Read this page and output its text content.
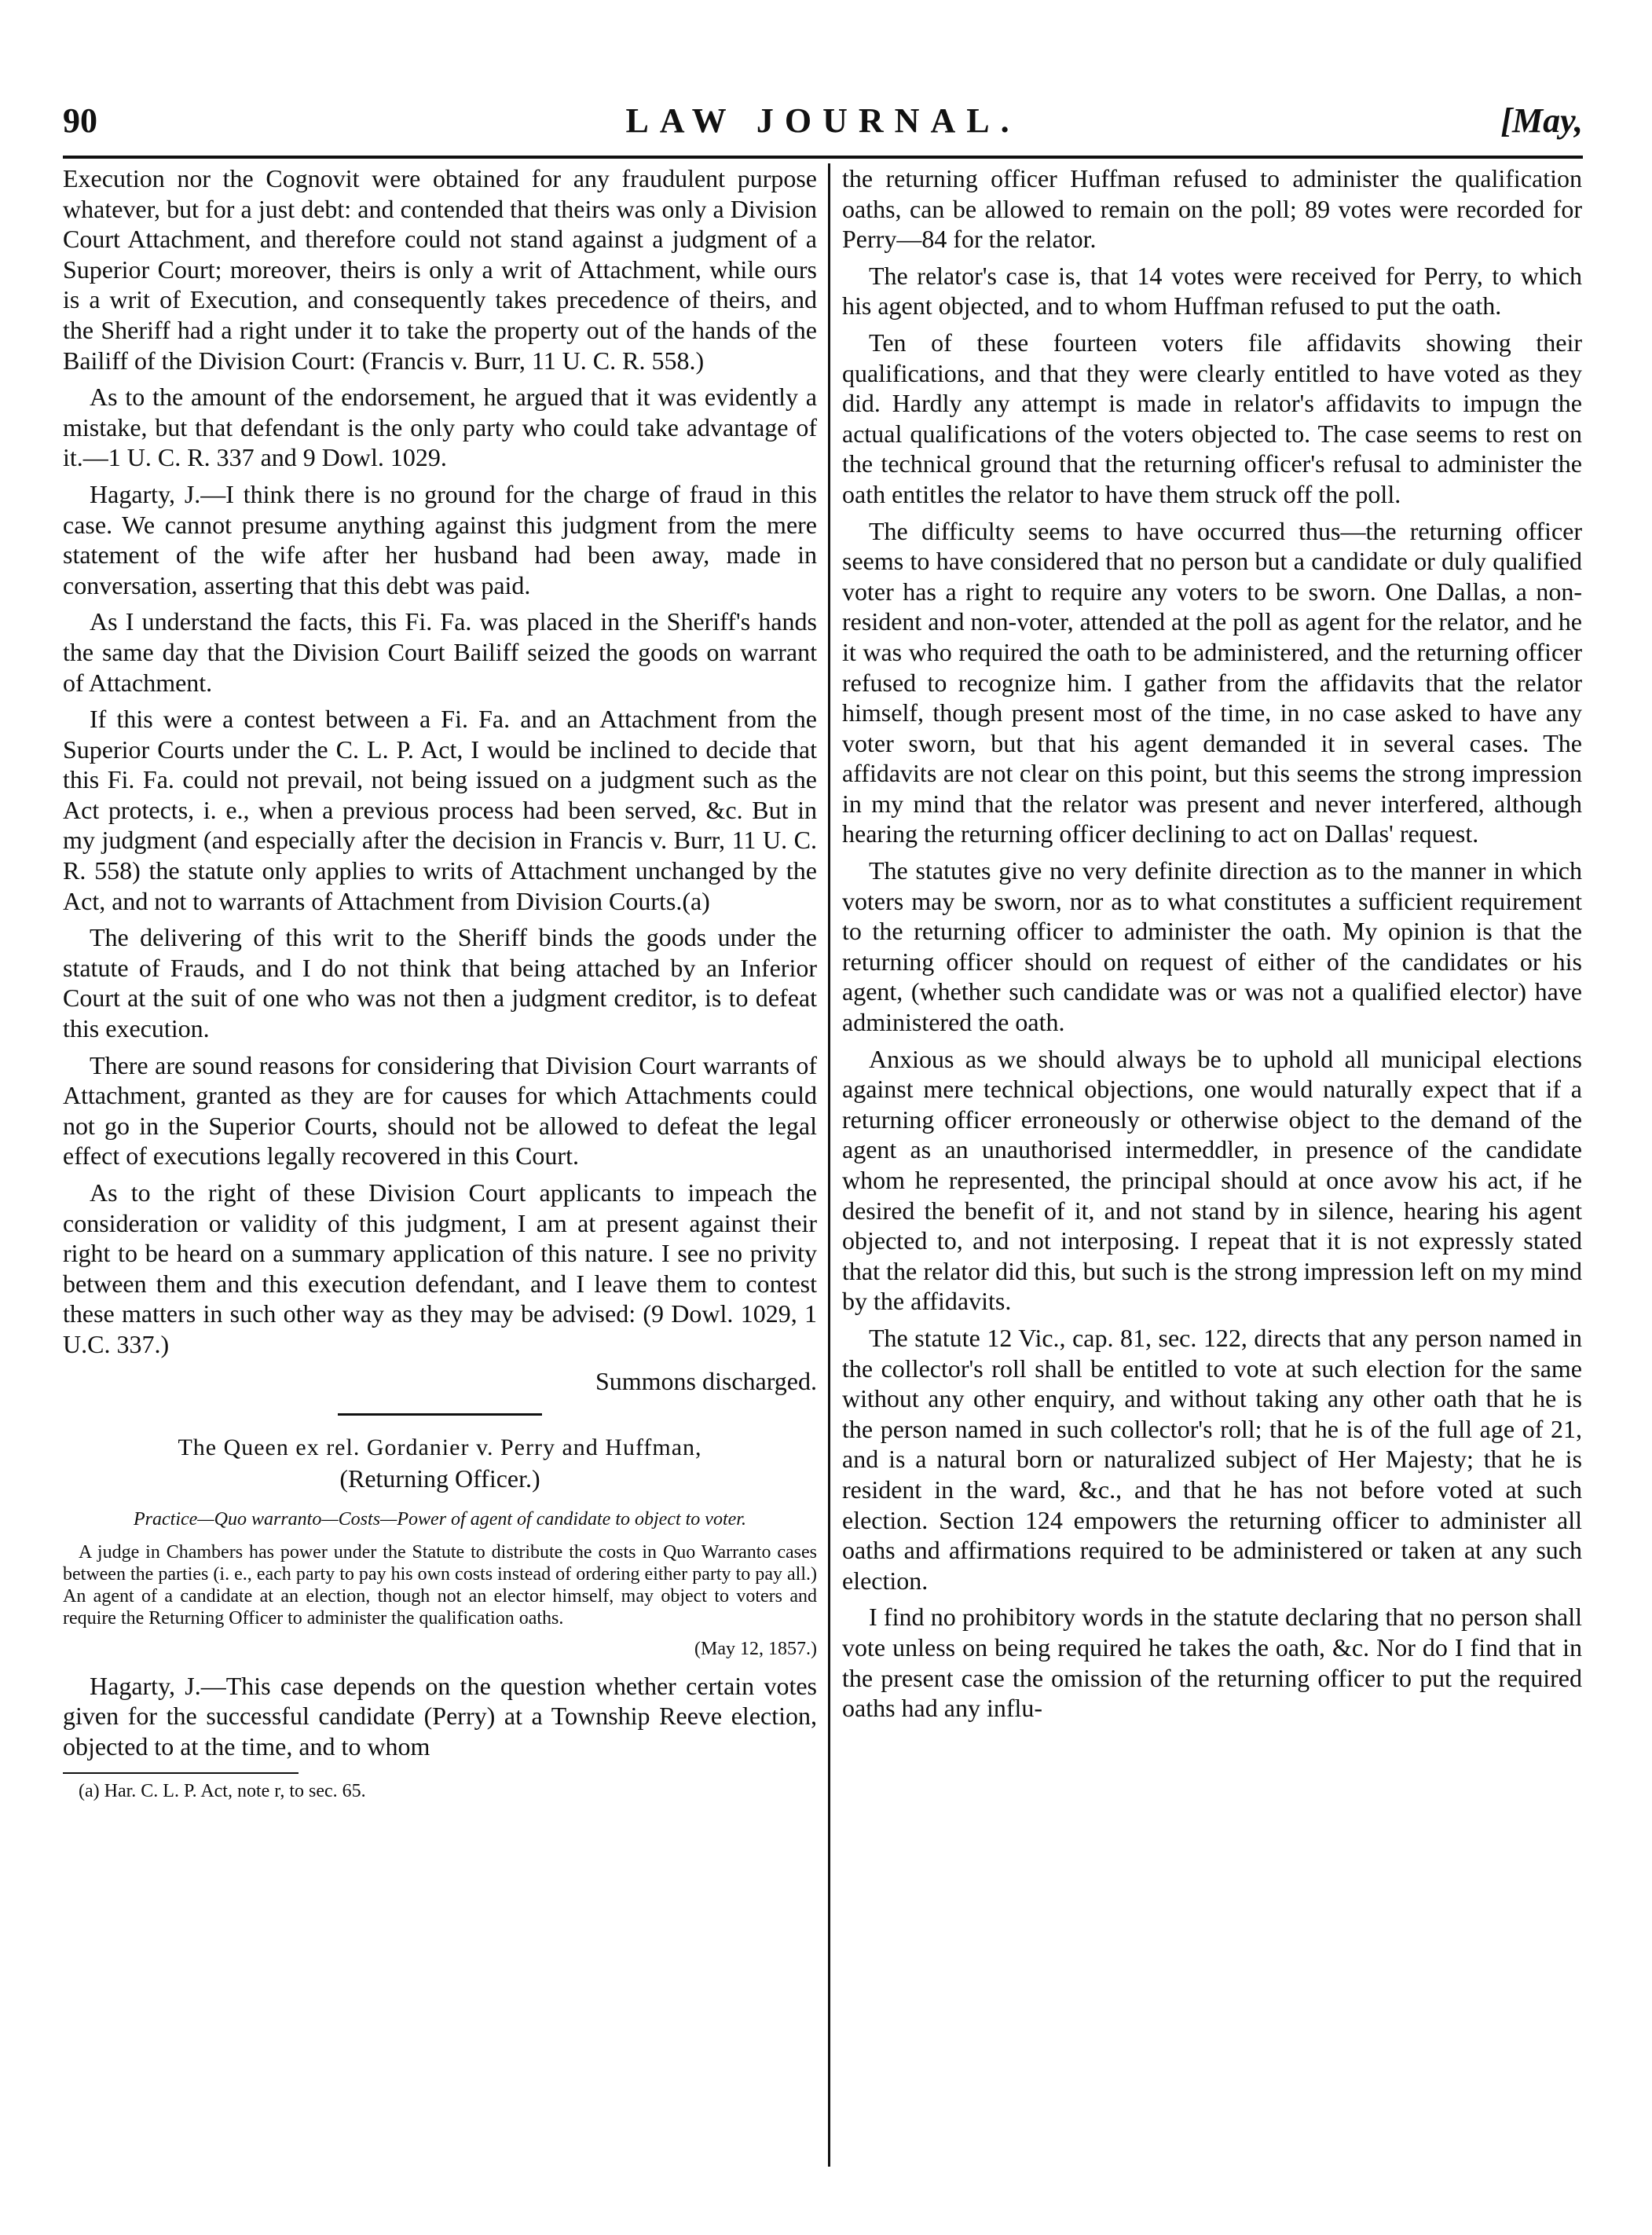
90	LAW JOURNAL.	[May,

Execution nor the Cognovit were obtained for any fraudulent purpose whatever, but for a just debt: and contended that theirs was only a Division Court Attachment, and therefore could not stand against a judgment of a Superior Court; moreover, theirs is only a writ of Attachment, while ours is a writ of Execution, and consequently takes precedence of theirs, and the Sheriff had a right under it to take the property out of the hands of the Bailiff of the Division Court: (Francis v. Burr, 11 U. C. R. 558.)

As to the amount of the endorsement, he argued that it was evidently a mistake, but that defendant is the only party who could take advantage of it.—1 U. C. R. 337 and 9 Dowl. 1029.

Hagarty, J.—I think there is no ground for the charge of fraud in this case. We cannot presume anything against this judgment from the mere statement of the wife after her husband had been away, made in conversation, asserting that this debt was paid.

As I understand the facts, this Fi. Fa. was placed in the Sheriff's hands the same day that the Division Court Bailiff seized the goods on warrant of Attachment.

If this were a contest between a Fi. Fa. and an Attachment from the Superior Courts under the C. L. P. Act, I would be inclined to decide that this Fi. Fa. could not prevail, not being issued on a judgment such as the Act protects, i. e., when a previous process had been served, &c. But in my judgment (and especially after the decision in Francis v. Burr, 11 U. C. R. 558) the statute only applies to writs of Attachment unchanged by the Act, and not to warrants of Attachment from Division Courts.(a)

The delivering of this writ to the Sheriff binds the goods under the statute of Frauds, and I do not think that being attached by an Inferior Court at the suit of one who was not then a judgment creditor, is to defeat this execution.

There are sound reasons for considering that Division Court warrants of Attachment, granted as they are for causes for which Attachments could not go in the Superior Courts, should not be allowed to defeat the legal effect of executions legally recovered in this Court.

As to the right of these Division Court applicants to impeach the consideration or validity of this judgment, I am at present against their right to be heard on a summary application of this nature. I see no privity between them and this execution defendant, and I leave them to contest these matters in such other way as they may be advised: (9 Dowl. 1029, 1 U.C. 337.)

Summons discharged.

The Queen ex rel. Gordanier v. Perry and Huffman,

(Returning Officer.)

Practice—Quo warranto—Costs—Power of agent of candidate to object to voter.

A judge in Chambers has power under the Statute to distribute the costs in Quo Warranto cases between the parties (i. e., each party to pay his own costs instead of ordering either party to pay all.) An agent of a candidate at an election, though not an elector himself, may object to voters and require the Returning Officer to administer the qualification oaths.

(May 12, 1857.)

Hagarty, J.—This case depends on the question whether certain votes given for the successful candidate (Perry) at a Township Reeve election, objected to at the time, and to whom

(a) Har. C. L. P. Act, note r, to sec. 65.

the returning officer Huffman refused to administer the qualification oaths, can be allowed to remain on the poll; 89 votes were recorded for Perry—84 for the relator.

The relator's case is, that 14 votes were received for Perry, to which his agent objected, and to whom Huffman refused to put the oath.

Ten of these fourteen voters file affidavits showing their qualifications, and that they were clearly entitled to have voted as they did. Hardly any attempt is made in relator's affidavits to impugn the actual qualifications of the voters objected to. The case seems to rest on the technical ground that the returning officer's refusal to administer the oath entitles the relator to have them struck off the poll.

The difficulty seems to have occurred thus—the returning officer seems to have considered that no person but a candidate or duly qualified voter has a right to require any voters to be sworn. One Dallas, a non-resident and non-voter, attended at the poll as agent for the relator, and he it was who required the oath to be administered, and the returning officer refused to recognize him. I gather from the affidavits that the relator himself, though present most of the time, in no case asked to have any voter sworn, but that his agent demanded it in several cases. The affidavits are not clear on this point, but this seems the strong impression in my mind that the relator was present and never interfered, although hearing the returning officer declining to act on Dallas' request.

The statutes give no very definite direction as to the manner in which voters may be sworn, nor as to what constitutes a sufficient requirement to the returning officer to administer the oath. My opinion is that the returning officer should on request of either of the candidates or his agent, (whether such candidate was or was not a qualified elector) have administered the oath.

Anxious as we should always be to uphold all municipal elections against mere technical objections, one would naturally expect that if a returning officer erroneously or otherwise object to the demand of the agent as an unauthorised intermeddler, in presence of the candidate whom he represented, the principal should at once avow his act, if he desired the benefit of it, and not stand by in silence, hearing his agent objected to, and not interposing. I repeat that it is not expressly stated that the relator did this, but such is the strong impression left on my mind by the affidavits.

The statute 12 Vic., cap. 81, sec. 122, directs that any person named in the collector's roll shall be entitled to vote at such election for the same without any other enquiry, and without taking any other oath that he is the person named in such collector's roll; that he is of the full age of 21, and is a natural born or naturalized subject of Her Majesty; that he is resident in the ward, &c., and that he has not before voted at such election. Section 124 empowers the returning officer to administer all oaths and affirmations required to be administered or taken at any such election.

I find no prohibitory words in the statute declaring that no person shall vote unless on being required he takes the oath, &c. Nor do I find that in the present case the omission of the returning officer to put the required oaths had any influ-
